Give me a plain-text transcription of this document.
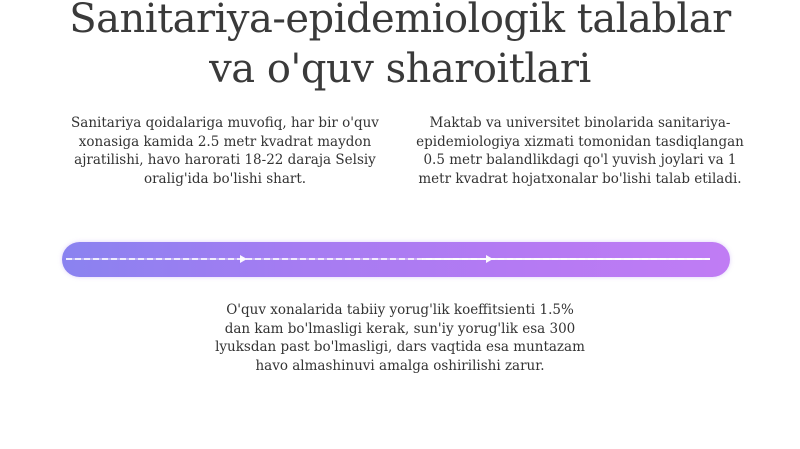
Sanitariya-epidemiologik talablar
va o'quv sharoitlari
Sanitariya qoidalariga muvofiq, har bir o'quv xonasiga kamida 2.5 metr kvadrat maydon ajratilishi, havo harorati 18-22 daraja Selsiy oralig'ida bo'lishi shart.
Maktab va universitet binolarida sanitariya-epidemiologiya xizmati tomonidan tasdiqlangan 0.5 metr balandlikdagi qo'l yuvish joylari va 1 metr kvadrat hojatxonalar bo'lishi talab etiladi.
O'quv xonalarida tabiiy yorug'lik koeffitsienti 1.5% dan kam bo'lmasligi kerak, sun'iy yorug'lik esa 300 lyuksdan past bo'lmasligi, dars vaqtida esa muntazam havo almashinuvi amalga oshirilishi zarur.
